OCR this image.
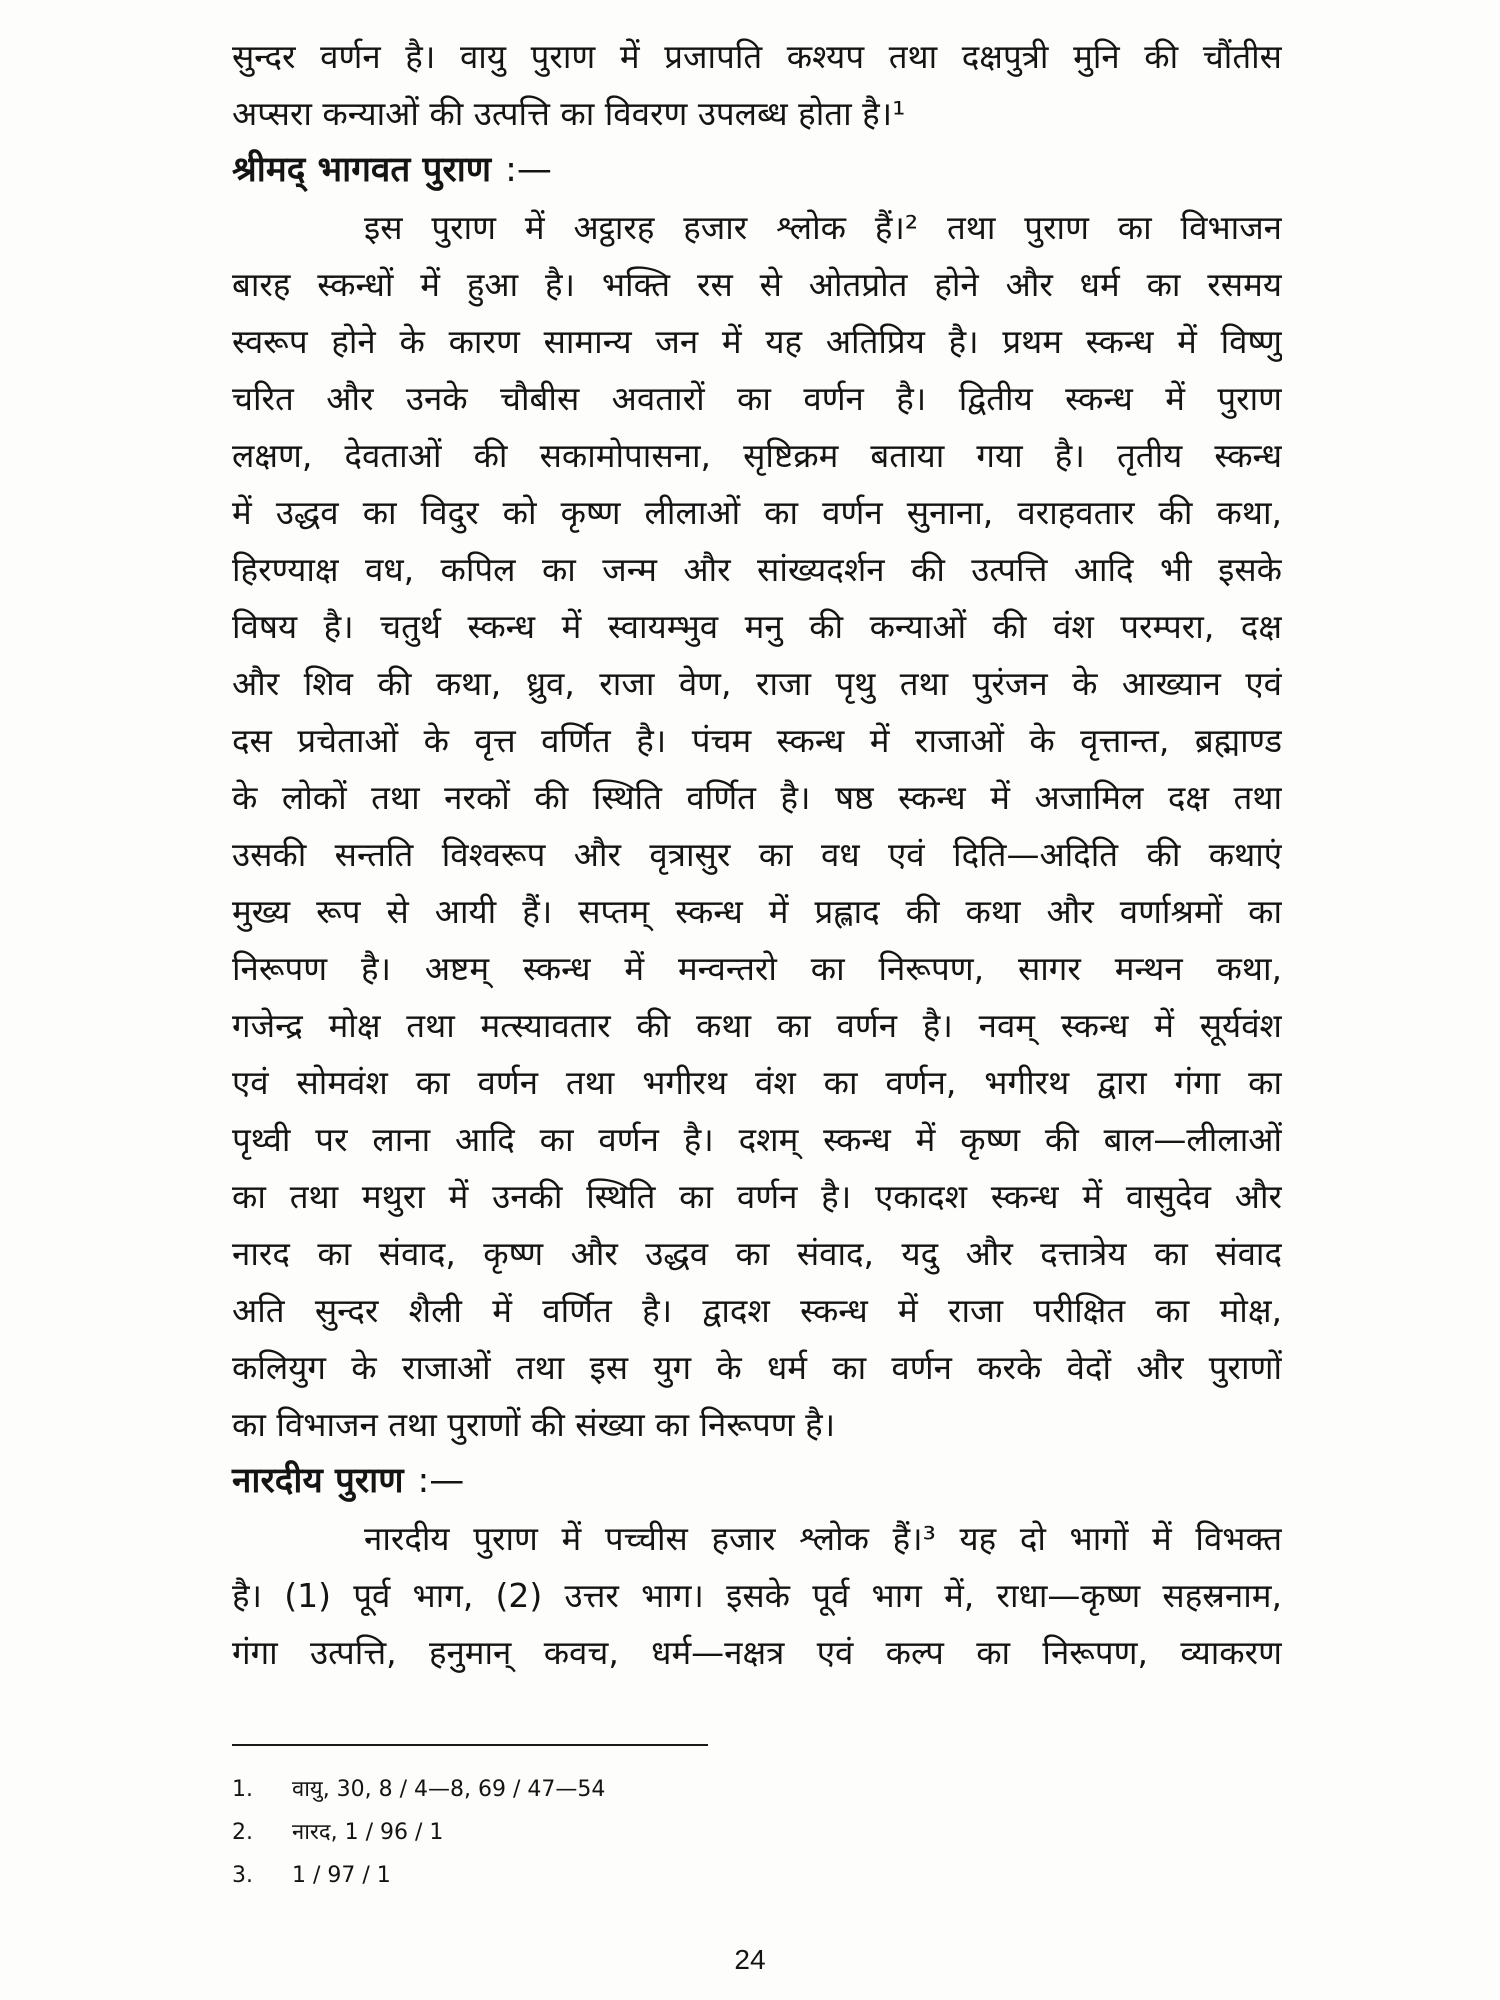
सुन्दर वर्णन है। वायु पुराण में प्रजापति कश्यप तथा दक्षपुत्री मुनि की चौंतीस
अप्सरा कन्याओं की उत्पत्ति का विवरण उपलब्ध होता है।¹
श्रीमद् भागवत पुराण :—
इस पुराण में अट्ठारह हजार श्लोक हैं।² तथा पुराण का विभाजन
बारह स्कन्धों में हुआ है। भक्ति रस से ओतप्रोत होने और धर्म का रसमय
स्वरूप होने के कारण सामान्य जन में यह अतिप्रिय है। प्रथम स्कन्ध में विष्णु
चरित और उनके चौबीस अवतारों का वर्णन है। द्वितीय स्कन्ध में पुराण
लक्षण, देवताओं की सकामोपासना, सृष्टिक्रम बताया गया है। तृतीय स्कन्ध
में उद्धव का विदुर को कृष्ण लीलाओं का वर्णन सुनाना, वराहवतार की कथा,
हिरण्याक्ष वध, कपिल का जन्म और सांख्यदर्शन की उत्पत्ति आदि भी इसके
विषय है। चतुर्थ स्कन्ध में स्वायम्भुव मनु की कन्याओं की वंश परम्परा, दक्ष
और शिव की कथा, ध्रुव, राजा वेण, राजा पृथु तथा पुरंजन के आख्यान एवं
दस प्रचेताओं के वृत्त वर्णित है। पंचम स्कन्ध में राजाओं के वृत्तान्त, ब्रह्माण्ड
के लोकों तथा नरकों की स्थिति वर्णित है। षष्ठ स्कन्ध में अजामिल दक्ष तथा
उसकी सन्तति विश्वरूप और वृत्रासुर का वध एवं दिति—अदिति की कथाएं
मुख्य रूप से आयी हैं। सप्तम् स्कन्ध में प्रह्लाद की कथा और वर्णाश्रमों का
निरूपण है। अष्टम् स्कन्ध में मन्वन्तरो का निरूपण, सागर मन्थन कथा,
गजेन्द्र मोक्ष तथा मत्स्यावतार की कथा का वर्णन है। नवम् स्कन्ध में सूर्यवंश
एवं सोमवंश का वर्णन तथा भगीरथ वंश का वर्णन, भगीरथ द्वारा गंगा का
पृथ्वी पर लाना आदि का वर्णन है। दशम् स्कन्ध में कृष्ण की बाल—लीलाओं
का तथा मथुरा में उनकी स्थिति का वर्णन है। एकादश स्कन्ध में वासुदेव और
नारद का संवाद, कृष्ण और उद्धव का संवाद, यदु और दत्तात्रेय का संवाद
अति सुन्दर शैली में वर्णित है। द्वादश स्कन्ध में राजा परीक्षित का मोक्ष,
कलियुग के राजाओं तथा इस युग के धर्म का वर्णन करके वेदों और पुराणों
का विभाजन तथा पुराणों की संख्या का निरूपण है।
नारदीय पुराण :—
नारदीय पुराण में पच्चीस हजार श्लोक हैं।³ यह दो भागों में विभक्त
है। (1) पूर्व भाग, (2) उत्तर भाग। इसके पूर्व भाग में, राधा—कृष्ण सहस्रनाम,
गंगा उत्पत्ति, हनुमान् कवच, धर्म—नक्षत्र एवं कल्प का निरूपण, व्याकरण
1. वायु, 30, 8 / 4—8, 69 / 47—54
2. नारद, 1 / 96 / 1
3. 1 / 97 / 1
24
